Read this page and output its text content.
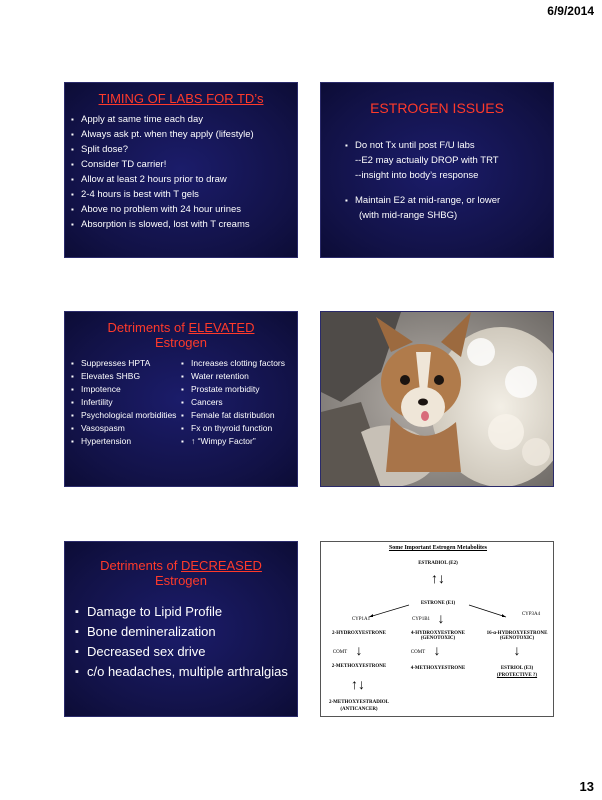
6/9/2014
TIMING OF LABS FOR TD’s
▪ Apply at same time each day
▪ Always ask pt. when they apply (lifestyle)
▪ Split dose?
▪ Consider TD carrier!
▪ Allow at least 2 hours prior to draw
▪ 2-4 hours is best with T gels
▪ Above no problem with 24 hour urines
▪ Absorption is slowed, lost with T creams
ESTROGEN ISSUES
▪ Do not Tx until post F/U labs
--E2 may actually DROP with TRT
--insight into body’s response
▪ Maintain E2 at mid-range, or lower
(with mid-range SHBG)
Detriments of ELEVATED
Estrogen
▪ Suppresses HPTA
▪ Elevates SHBG
▪ Impotence
▪ Infertility
▪ Psychological morbidities
▪ Vasospasm
▪ Hypertension
▪ Increases clotting factors
▪ Water retention
▪ Prostate morbidity
▪ Cancers
▪ Female fat distribution
▪ Fx on thyroid function
▪ ↑ “Wimpy Factor”
Detriments of DECREASED
Estrogen
▪ Damage to Lipid Profile
▪ Bone demineralization
▪ Decreased sex drive
▪ c/o headaches, multiple arthralgias
Some Important Estrogen Metabolites
ESTRADIOL (E2)
↑↓
ESTRONE (E1)
CYP1A1	CYP1B1 ↓	CYP3A4
2-HYDROXYESTRONE	4-HYDROXYESTRONE (GENOTOXIC)
16-α-HYDROXYESTRONE (GENOTOXIC)
COMT ↓	COMT ↓	↓
2-METHOXYESTRONE	4-METHOXYESTRONE	ESTRIOL (E3)
(PROTECTIVE ?)
↑↓
2-METHOXYESTRADIOL
(ANTICANCER)
13
